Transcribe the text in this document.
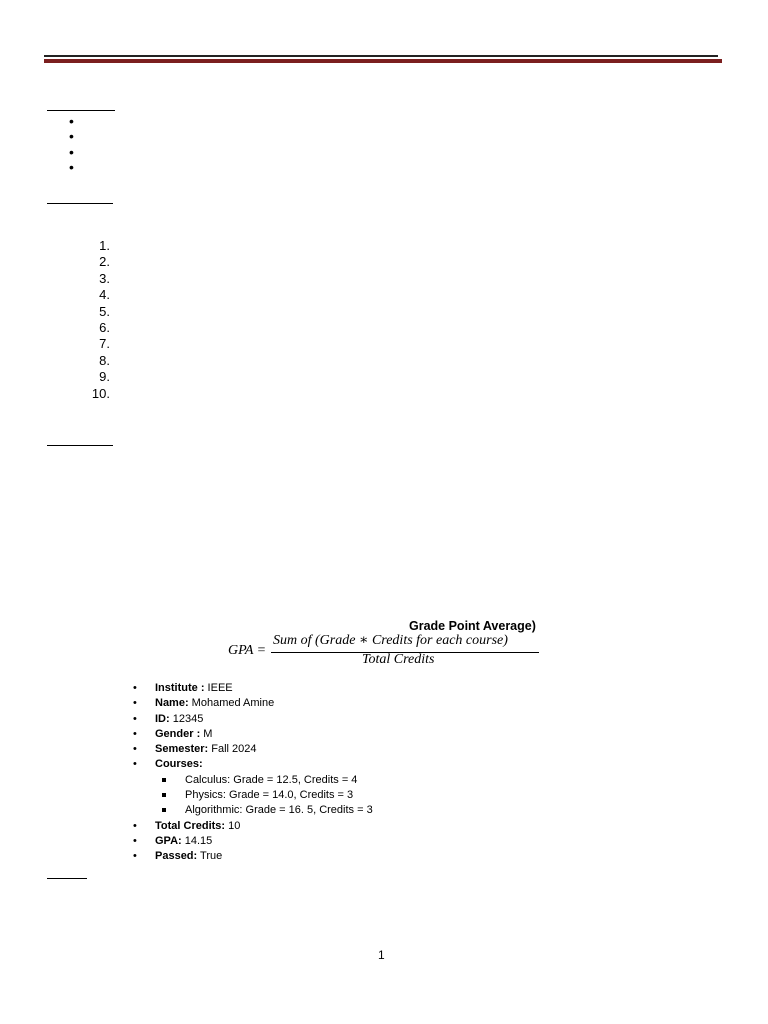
•
•
•
•
1.
2.
3.
4.
5.
6.
7.
8.
9.
10.
Grade Point Average)
GPA =
Sum of (Grade ∗ Credits for each course)
Total Credits
• Institute : IEEE
• Name: Mohamed Amine
• ID: 12345
• Gender : M
• Semester: Fall 2024
• Courses:
Calculus: Grade = 12.5, Credits = 4
Physics: Grade = 14.0, Credits = 3
Algorithmic: Grade = 16. 5, Credits = 3
• Total Credits: 10
• GPA: 14.15
• Passed: True
1
